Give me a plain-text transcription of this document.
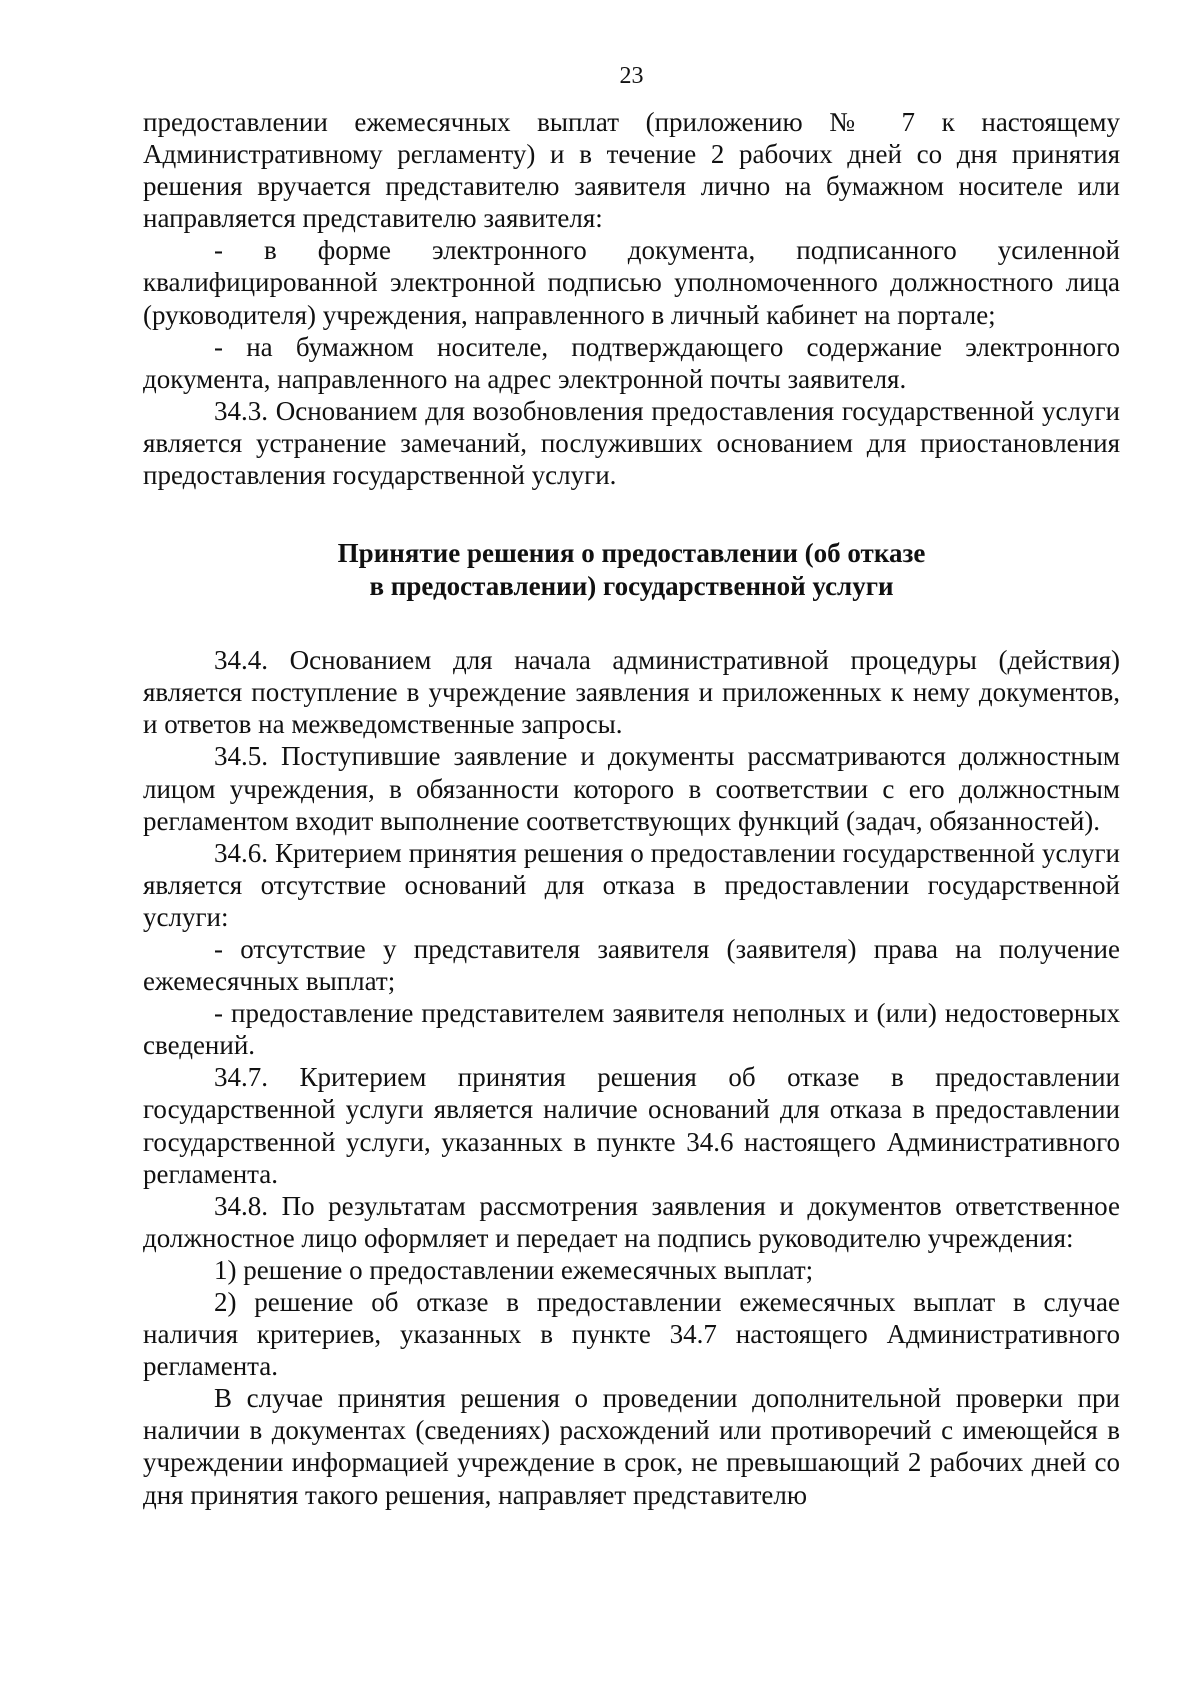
23

предоставлении ежемесячных выплат (приложению № 7 к настоящему Административному регламенту) и в течение 2 рабочих дней со дня принятия решения вручается представителю заявителя лично на бумажном носителе или направляется представителю заявителя:

- в форме электронного документа, подписанного усиленной квалифицированной электронной подписью уполномоченного должностного лица (руководителя) учреждения, направленного в личный кабинет на портале;

- на бумажном носителе, подтверждающего содержание электронного документа, направленного на адрес электронной почты заявителя.

34.3. Основанием для возобновления предоставления государственной услуги является устранение замечаний, послуживших основанием для приостановления предоставления государственной услуги.

Принятие решения о предоставлении (об отказе

в предоставлении) государственной услуги

34.4. Основанием для начала административной процедуры (действия) является поступление в учреждение заявления и приложенных к нему документов, и ответов на межведомственные запросы.

34.5. Поступившие заявление и документы рассматриваются должностным лицом учреждения, в обязанности которого в соответствии с его должностным регламентом входит выполнение соответствующих функций (задач, обязанностей).

34.6. Критерием принятия решения о предоставлении государственной услуги является отсутствие оснований для отказа в предоставлении государственной услуги:

- отсутствие у представителя заявителя (заявителя) права на получение ежемесячных выплат;

- предоставление представителем заявителя неполных и (или) недостоверных сведений.

34.7. Критерием принятия решения об отказе в предоставлении государственной услуги является наличие оснований для отказа в предоставлении государственной услуги, указанных в пункте 34.6 настоящего Административного регламента.

34.8. По результатам рассмотрения заявления и документов ответственное должностное лицо оформляет и передает на подпись руководителю учреждения:

1) решение о предоставлении ежемесячных выплат;

2) решение об отказе в предоставлении ежемесячных выплат в случае наличия критериев, указанных в пункте 34.7 настоящего Административного регламента.

В случае принятия решения о проведении дополнительной проверки при наличии в документах (сведениях) расхождений или противоречий с имеющейся в учреждении информацией учреждение в срок, не превышающий 2 рабочих дней со дня принятия такого решения, направляет представителю
